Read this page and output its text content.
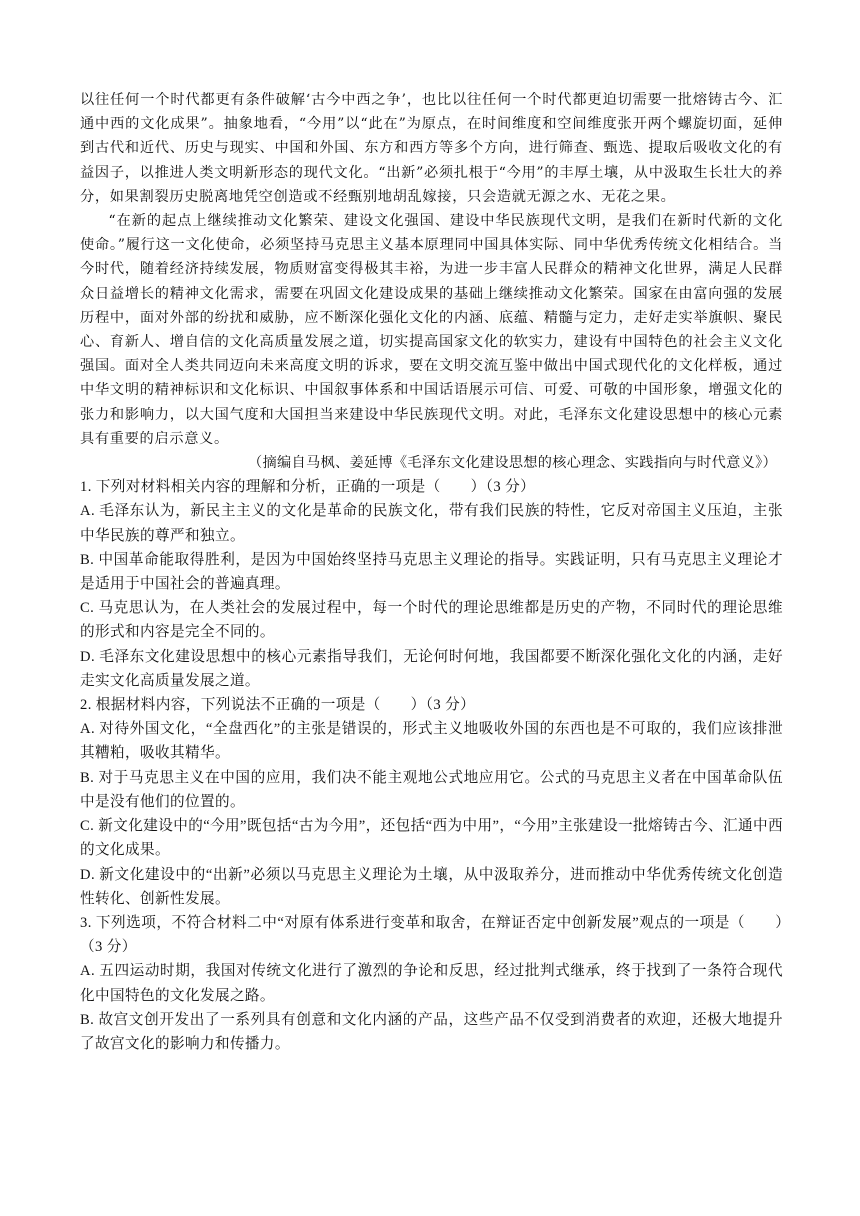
以往任何一个时代都更有条件破解‘古今中西之争’，也比以往任何一个时代都更迫切需要一批熔铸古今、汇通中西的文化成果”。抽象地看，“今用”以“此在”为原点，在时间维度和空间维度张开两个螺旋切面，延伸到古代和近代、历史与现实、中国和外国、东方和西方等多个方向，进行筛查、甄选、提取后吸收文化的有益因子，以推进人类文明新形态的现代文化。“出新”必须扎根于“今用”的丰厚土壤，从中汲取生长壮大的养分，如果割裂历史脱离地凭空创造或不经甄别地胡乱嫁接，只会造就无源之水、无花之果。

“在新的起点上继续推动文化繁荣、建设文化强国、建设中华民族现代文明，是我们在新时代新的文化使命。”履行这一文化使命，必须坚持马克思主义基本原理同中国具体实际、同中华优秀传统文化相结合。当今时代，随着经济持续发展，物质财富变得极其丰裕，为进一步丰富人民群众的精神文化世界，满足人民群众日益增长的精神文化需求，需要在巩固文化建设成果的基础上继续推动文化繁荣。国家在由富向强的发展历程中，面对外部的纷扰和威胁，应不断深化强化文化的内涵、底蕴、精髓与定力，走好走实举旗帜、聚民心、育新人、增自信的文化高质量发展之道，切实提高国家文化的软实力，建设有中国特色的社会主义文化强国。面对全人类共同迈向未来高度文明的诉求，要在文明交流互鉴中做出中国式现代化的文化样板，通过中华文明的精神标识和文化标识、中国叙事体系和中国话语展示可信、可爱、可敬的中国形象，增强文化的张力和影响力，以大国气度和大国担当来建设中华民族现代文明。对此，毛泽东文化建设思想中的核心元素具有重要的启示意义。

（摘编自马枫、姜延博《毛泽东文化建设思想的核心理念、实践指向与时代意义》）

1. 下列对材料相关内容的理解和分析，正确的一项是（　　）（3 分）

A. 毛泽东认为，新民主主义的文化是革命的民族文化，带有我们民族的特性，它反对帝国主义压迫，主张中华民族的尊严和独立。

B. 中国革命能取得胜利，是因为中国始终坚持马克思主义理论的指导。实践证明，只有马克思主义理论才是适用于中国社会的普遍真理。

C. 马克思认为，在人类社会的发展过程中，每一个时代的理论思维都是历史的产物，不同时代的理论思维的形式和内容是完全不同的。

D. 毛泽东文化建设思想中的核心元素指导我们，无论何时何地，我国都要不断深化强化文化的内涵，走好走实文化高质量发展之道。

2. 根据材料内容，下列说法不正确的一项是（　　）（3 分）

A. 对待外国文化，“全盘西化”的主张是错误的，形式主义地吸收外国的东西也是不可取的，我们应该排泄其糟粕，吸收其精华。

B. 对于马克思主义在中国的应用，我们决不能主观地公式地应用它。公式的马克思主义者在中国革命队伍中是没有他们的位置的。

C. 新文化建设中的“今用”既包括“古为今用”，还包括“西为中用”，“今用”主张建设一批熔铸古今、汇通中西的文化成果。

D. 新文化建设中的“出新”必须以马克思主义理论为土壤，从中汲取养分，进而推动中华优秀传统文化创造性转化、创新性发展。

3. 下列选项，不符合材料二中“对原有体系进行变革和取舍，在辩证否定中创新发展”观点的一项是（　　）（3 分）

A. 五四运动时期，我国对传统文化进行了激烈的争论和反思，经过批判式继承，终于找到了一条符合现代化中国特色的文化发展之路。

B. 故宫文创开发出了一系列具有创意和文化内涵的产品，这些产品不仅受到消费者的欢迎，还极大地提升了故宫文化的影响力和传播力。
